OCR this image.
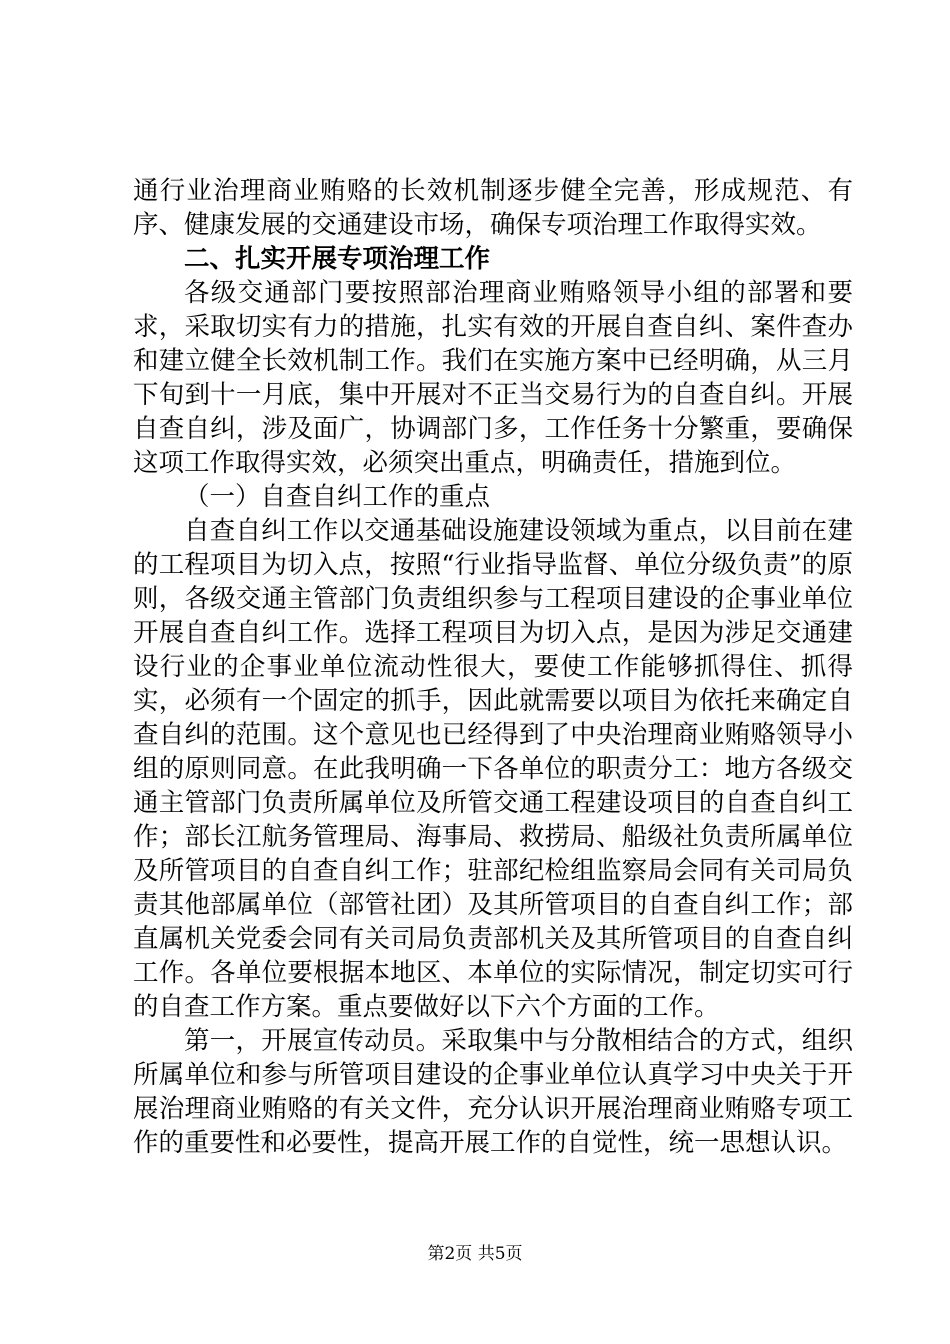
通行业治理商业贿赂的长效机制逐步健全完善，形成规范、有序、健康发展的交通建设市场，确保专项治理工作取得实效。

二、扎实开展专项治理工作

各级交通部门要按照部治理商业贿赂领导小组的部署和要求，采取切实有力的措施，扎实有效的开展自查自纠、案件查办和建立健全长效机制工作。我们在实施方案中已经明确，从三月下旬到十一月底，集中开展对不正当交易行为的自查自纠。开展自查自纠，涉及面广，协调部门多，工作任务十分繁重，要确保这项工作取得实效，必须突出重点，明确责任，措施到位。

（一）自查自纠工作的重点

自查自纠工作以交通基础设施建设领域为重点，以目前在建的工程项目为切入点，按照“行业指导监督、单位分级负责”的原则，各级交通主管部门负责组织参与工程项目建设的企事业单位开展自查自纠工作。选择工程项目为切入点，是因为涉足交通建设行业的企事业单位流动性很大，要使工作能够抓得住、抓得实，必须有一个固定的抓手，因此就需要以项目为依托来确定自查自纠的范围。这个意见也已经得到了中央治理商业贿赂领导小组的原则同意。在此我明确一下各单位的职责分工：地方各级交通主管部门负责所属单位及所管交通工程建设项目的自查自纠工作；部长江航务管理局、海事局、救捞局、船级社负责所属单位及所管项目的自查自纠工作；驻部纪检组监察局会同有关司局负责其他部属单位（部管社团）及其所管项目的自查自纠工作；部直属机关党委会同有关司局负责部机关及其所管项目的自查自纠工作。各单位要根据本地区、本单位的实际情况，制定切实可行的自查工作方案。重点要做好以下六个方面的工作。

第一，开展宣传动员。采取集中与分散相结合的方式，组织所属单位和参与所管项目建设的企事业单位认真学习中央关于开展治理商业贿赂的有关文件，充分认识开展治理商业贿赂专项工作的重要性和必要性，提高开展工作的自觉性，统一思想认识。

第2页 共5页
